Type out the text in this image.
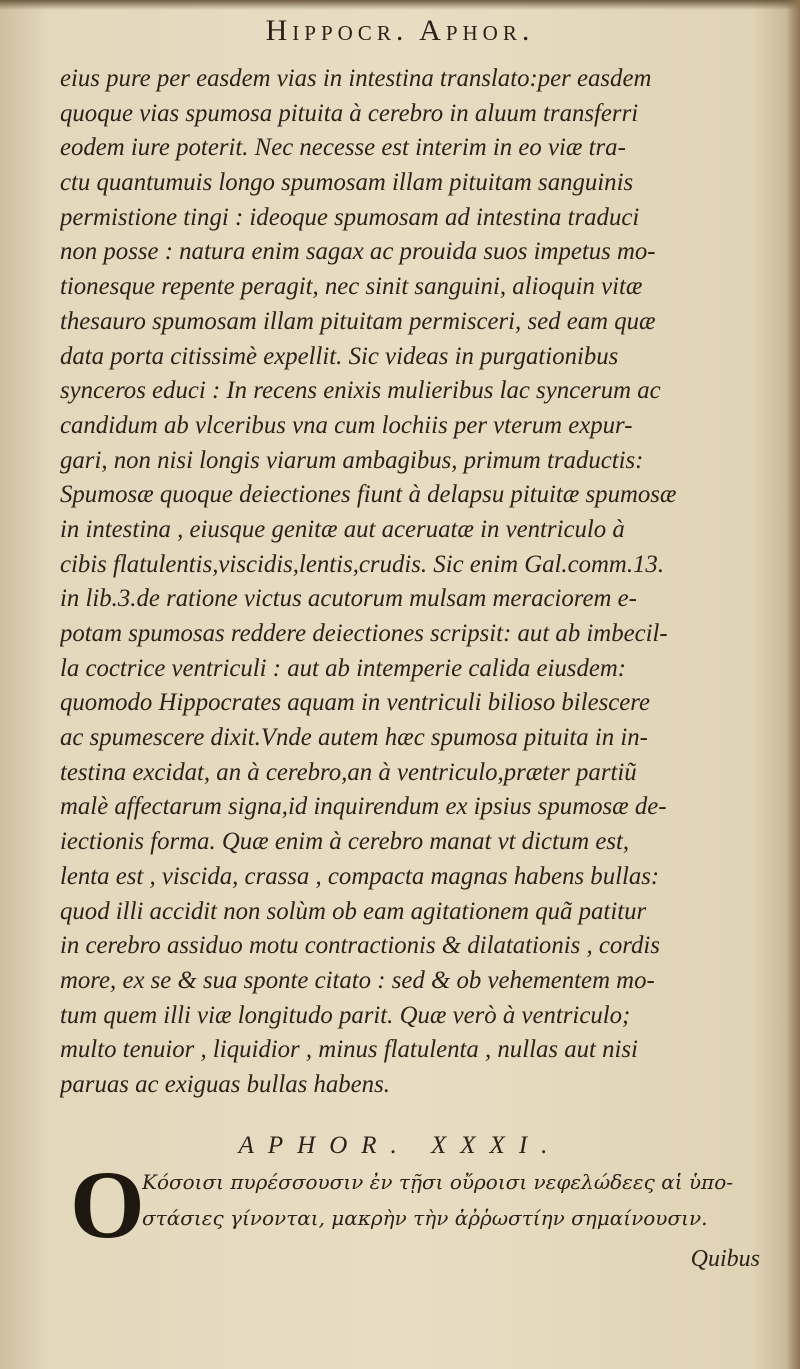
Hippocr. Aphor.
eius pure per easdem vias in intestina translato:per easdem
quoque vias spumosa pituita à cerebro in aluum transferri
eodem iure poterit. Nec necesse est interim in eo viæ tra-
ctu quantumuis longo spumosam illam pituitam sanguinis
permistione tingi : ideoque spumosam ad intestina traduci
non posse : natura enim sagax ac prouida suos impetus mo-
tionesque repente peragit, nec sinit sanguini, alioquin vitæ
thesauro spumosam illam pituitam permisceri, sed eam quæ
data porta citissimè expellit. Sic videas in purgationibus
synceros educi : In recens enixis mulieribus lac syncerum ac
candidum ab vlceribus vna cum lochiis per vterum expur-
gari, non nisi longis viarum ambagibus, primum traductis:
Spumosæ quoque deiectiones fiunt à delapsu pituitæ spumosæ
in intestina , eiusque genitæ aut aceruatæ in ventriculo à
cibis flatulentis,viscidis,lentis,crudis. Sic enim Gal.comm.13.
in lib.3.de ratione victus acutorum mulsam meraciorem e-
potam spumosas reddere deiectiones scripsit: aut ab imbecil-
la coctrice ventriculi : aut ab intemperie calida eiusdem:
quomodo Hippocrates aquam in ventriculi bilioso bilescere
ac spumescere dixit.Vnde autem hæc spumosa pituita in in-
testina excidat, an à cerebro,an à ventriculo,præter partiũ
malè affectarum signa,id inquirendum ex ipsius spumosæ de-
iectionis forma. Quæ enim à cerebro manat vt dictum est,
lenta est , viscida, crassa , compacta magnas habens bullas:
quod illi accidit non solùm ob eam agitationem quã patitur
in cerebro assiduo motu contractionis & dilatationis , cordis
more, ex se & sua sponte citato : sed & ob vehementem mo-
tum quem illi viæ longitudo parit. Quæ verò à ventriculo;
multo tenuior , liquidior , minus flatulenta , nullas aut nisi
paruas ac exiguas bullas habens.
APHOR. XXXI.
O
Κόσοισι πυρέσσουσιν ἐν τῇσι οὔροισι νεφελώδεες αἱ ὑπο-
στάσιες γίνονται, μακρὴν τὴν ἀῤῥωστίην σημαίνουσιν.
Quibus
